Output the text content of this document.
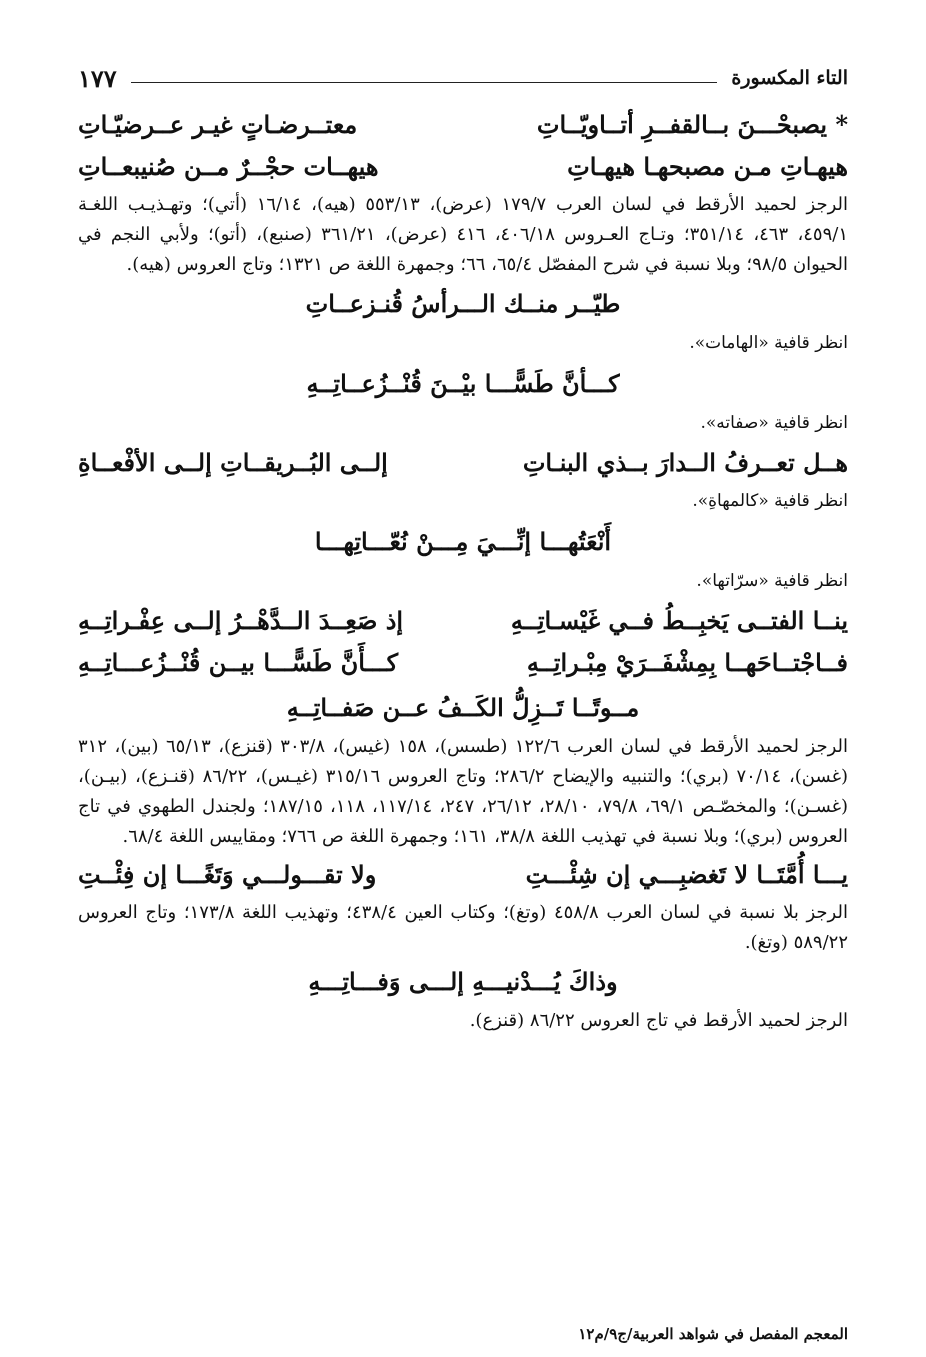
التاء المكسورة
١٧٧
* يصبحْـــنَ بــالقفــرِ أتــاويّــاتِ
معتــرضـاتٍ غيـر عــرضيّـاتِ
هيهـاتِ مـن مصبحهـا هيهـاتِ
هيهــات حجْــرٌ مــن صُنيبعــاتِ

الرجز لحميد الأرقط في لسان العرب ١٧٩/٧ (عرض)، ٥٥٣/١٣ (هيه)، ١٦/١٤ (أتي)؛ وتهـذيـب اللغـة ٤٥٩/١، ٤٦٣، ٣٥١/١٤؛ وتـاج العـروس ٤٠٦/١٨، ٤١٦ (عرض)، ٣٦١/٢١ (صنبع)، (أتو)؛ ولأبي النجم في الحيوان ٩٨/٥؛ وبلا نسبة في شرح المفصّل ٦٥/٤، ٦٦؛ وجمهرة اللغة ص ١٣٢١؛ وتاج العروس (هيه).

طيّــر منــك الـــرأسُ قُنـزعــاتِ

انظر قافية «الهامات».

كـــأنَّ طَسًّـــا بيْــنَ قُنْــزُعــاتِــهِ

انظر قافية «صفاته».

هــل تعــرفُ الــدارَ بــذي البنـاتِ
إلــى البُــريقــاتِ إلــى الأفْعــاةِ

انظر قافية «كالمهاةِ».

أَنْعَتُهـــا إنِّـــيَ مِـــنْ نُعّـــاتِهـــا

انظر قافية «سرّاتها».

ينــا الفتــى يَخبِــطُ فــي غَيْسـاتِــهِ
إذ صَعِــدَ الــدَّهْــرُ إلــى عِفْـراتِــهِ
فــاجْتــاحَهــا بِمِشْفَــرَيْ مِبْـراتِــهِ
كـــأَنَّ طَسًّـــا بيــن قُنْــزُعـــاتِــهِ
مــوتًــا تَــزِلُّ الكَــفُ عــن صَفــاتِــهِ

الرجز لحميد الأرقط في لسان العرب ١٢٢/٦ (طسس)، ١٥٨ (غيس)، ٣٠٣/٨ (قنزع)، ٦٥/١٣ (بين)، ٣١٢ (غسن)، ٧٠/١٤ (بري)؛ والتنبيه والإيضاح ٢٨٦/٢؛ وتاج العروس ٣١٥/١٦ (غيـس)، ٨٦/٢٢ (قنـزع)، (بيـن)، (غسـن)؛ والمخصّـص ٦٩/١، ٧٩/٨، ٢٨/١٠، ٢٦/١٢، ٢٤٧، ١١٧/١٤، ١١٨، ١٨٧/١٥؛ ولجندل الطهوي في تاج العروس (بري)؛ وبلا نسبة في تهذيب اللغة ٣٨/٨، ١٦١؛ وجمهرة اللغة ص ٧٦٦؛ ومقاييس اللغة ٦٨/٤.

يـــا أُمَّتَــا لا تَغضبِـــي إن شِئْـــتِ
ولا تقـــولـــي وَتَغًـــا إن فِئْــتِ

الرجز بلا نسبة في لسان العرب ٤٥٨/٨ (وتغ)؛ وكتاب العين ٤٣٨/٤؛ وتهذيب اللغة ١٧٣/٨؛ وتاج العروس ٥٨٩/٢٢ (وتغ).

وذاكَ يُـــدْنيـــهِ إلـــى وَفـــاتِـــهِ

الرجز لحميد الأرقط في تاج العروس ٨٦/٢٢ (قنزع).

المعجم المفصل في شواهد العربية/ج٩/م١٢
